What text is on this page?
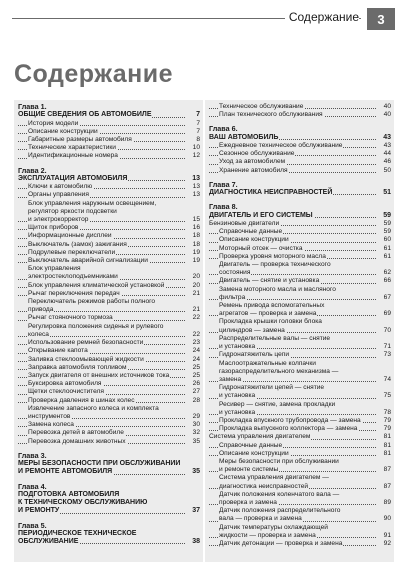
Содержание	3
Содержание
Глава 1.
ОБЩИЕ СВЕДЕНИЯ ОБ АВТОМОБИЛЕ	7
История модели	7
Описание конструкции	7
Габаритные размеры автомобиля	8
Технические характеристики	10
Идентификационные номера	12
Глава 2.
ЭКСПЛУАТАЦИЯ АВТОМОБИЛЯ	13
Ключи к автомобилю	13
Органы управления	13
Блок управления наружным освещением, регулятор яркости подсветки
и электрокорректор	15
Щиток приборов	16
Информационные дисплеи	18
Выключатель (замок) зажигания	18
Подрулевые переключатели	19
Выключатель аварийной сигнализации	19
Блок управления
электростеклоподъемниками	20
Блок управления климатической установкой	20
Рычаг переключения передач	21
Переключатель режимов работы полного
привода	21
Рычаг стояночного тормоза	22
Регулировка положения сиденья и рулевого
колеса	22
Использование ремней безопасности	23
Открывание капота	24
Заливка стеклоомывающей жидкости	24
Заправка автомобиля топливом	25
Запуск двигателя от внешних источников тока	25
Буксировка автомобиля	26
Щетки стеклоочистителя	27
Проверка давления в шинах колес	28
Извлечение запасного колеса и комплекта
инструментов	29
Замена колеса	30
Перевозка детей в автомобиле	32
Перевозка домашних животных	35
Глава 3.
МЕРЫ БЕЗОПАСНОСТИ ПРИ ОБСЛУЖИВАНИИ
И РЕМОНТЕ АВТОМОБИЛЯ	35
Глава 4.
ПОДГОТОВКА АВТОМОБИЛЯ
К ТЕХНИЧЕСКОМУ ОБСЛУЖИВАНИЮ
И РЕМОНТУ	37
Глава 5.
ПЕРИОДИЧЕСКОЕ ТЕХНИЧЕСКОЕ
ОБСЛУЖИВАНИЕ	38
Техническое обслуживание	40
План технического обслуживания	40
Глава 6.
ВАШ АВТОМОБИЛЬ	43
Ежедневное техническое обслуживание	43
Сезонное обслуживание	44
Уход за автомобилем	46
Хранение автомобиля	50
Глава 7.
ДИАГНОСТИКА НЕИСПРАВНОСТЕЙ	51
Глава 8.
ДВИГАТЕЛЬ И ЕГО СИСТЕМЫ	59
Бензиновые двигатели	59
Справочные данные	59
Описание конструкции	60
Моторный отсек — очистка	61
Проверка уровня моторного масла	61
Двигатель — проверка технического
состояния	62
Двигатель — снятие и установка	66
Замена моторного масла и масляного
фильтра	67
Ремень привода вспомогательных
агрегатов — проверка и замена	69
Прокладка крышки головки блока
цилиндров — замена	70
Распределительные валы — снятие
и установка	71
Гидронатяжитель цепи	73
Маслоотражательные колпачки
газораспределительного механизма —
замена	74
Гидронатяжители цепей — снятие
и установка	75
Ресивер — снятие, замена прокладки
и установка	78
Прокладка впускного трубопровода — замена	79
Прокладка выпускного коллектора — замена	79
Система управления двигателем	81
Справочные данные	81
Описание конструкции	81
Меры безопасности при обслуживании
и ремонте системы	87
Система управления двигателем —
диагностика неисправностей	87
Датчик положения коленчатого вала —
проверка и замена	89
Датчик положения распределительного
вала — проверка и замена	90
Датчик температуры охлаждающей
жидкости — проверка и замена	91
Датчик детонации — проверка и замена	92
